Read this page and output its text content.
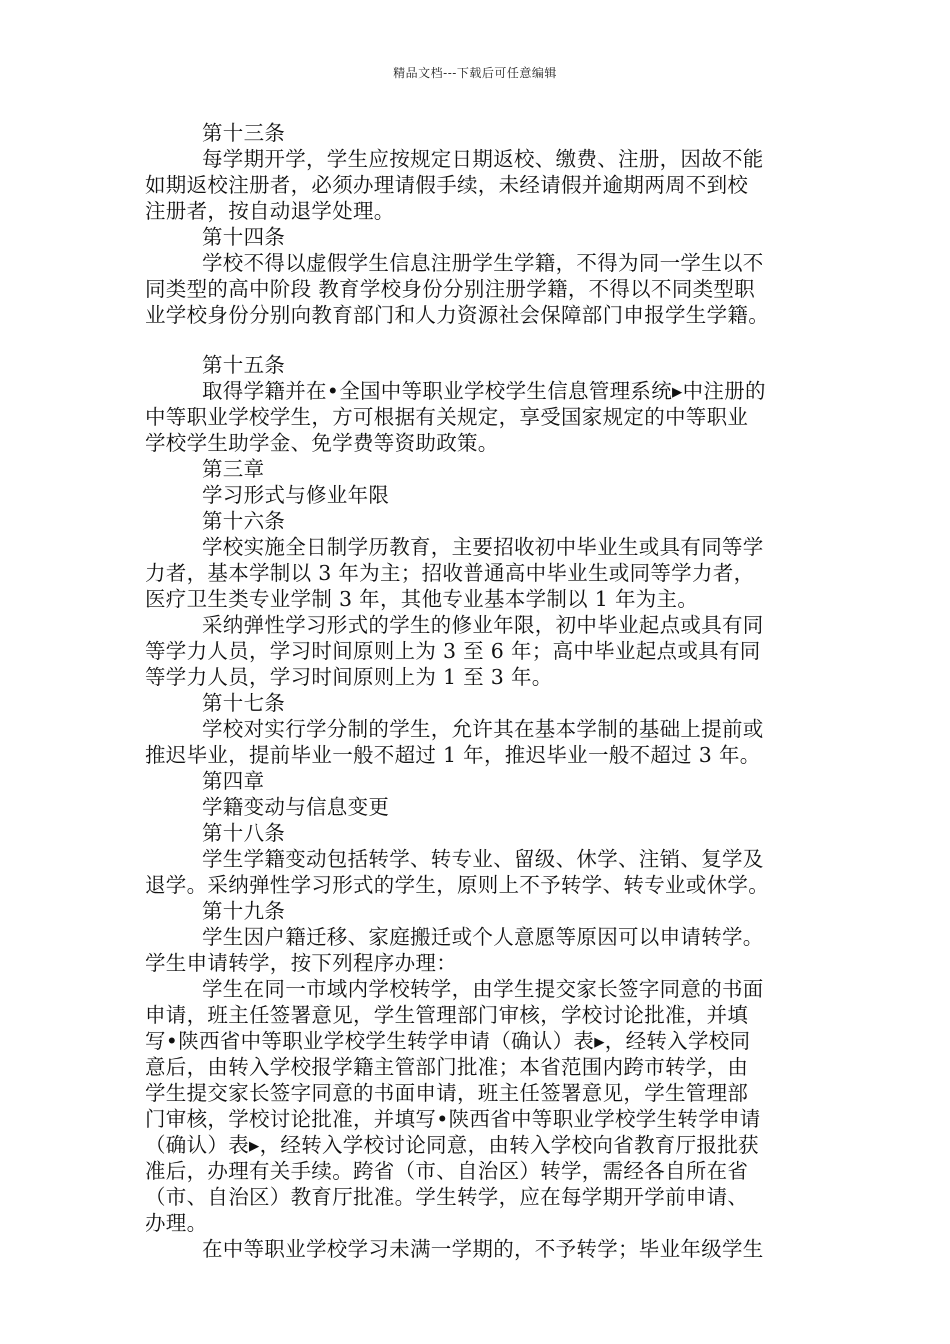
精品文档---下载后可任意编辑
第十三条
每学期开学，学生应按规定日期返校、缴费、注册，因故不能
如期返校注册者，必须办理请假手续，未经请假并逾期两周不到校
注册者，按自动退学处理。
第十四条
学校不得以虚假学生信息注册学生学籍，不得为同一学生以不
同类型的高中阶段 教育学校身份分别注册学籍，不得以不同类型职
业学校身份分别向教育部门和人力资源社会保障部门申报学生学籍。
第十五条
取得学籍并在•全国中等职业学校学生信息管理系统▸中注册的
中等职业学校学生，方可根据有关规定，享受国家规定的中等职业
学校学生助学金、免学费等资助政策。
第三章
学习形式与修业年限
第十六条
学校实施全日制学历教育，主要招收初中毕业生或具有同等学
力者，基本学制以 3 年为主；招收普通高中毕业生或同等学力者，
医疗卫生类专业学制 3 年，其他专业基本学制以 1 年为主。
采纳弹性学习形式的学生的修业年限，初中毕业起点或具有同
等学力人员，学习时间原则上为 3 至 6 年；高中毕业起点或具有同
等学力人员，学习时间原则上为 1 至 3 年。
第十七条
学校对实行学分制的学生，允许其在基本学制的基础上提前或
推迟毕业，提前毕业一般不超过 1 年，推迟毕业一般不超过 3 年。
第四章
学籍变动与信息变更
第十八条
学生学籍变动包括转学、转专业、留级、休学、注销、复学及
退学。采纳弹性学习形式的学生，原则上不予转学、转专业或休学。
第十九条
学生因户籍迁移、家庭搬迁或个人意愿等原因可以申请转学。
学生申请转学，按下列程序办理：
学生在同一市域内学校转学，由学生提交家长签字同意的书面
申请，班主任签署意见，学生管理部门审核，学校讨论批准，并填
写•陕西省中等职业学校学生转学申请（确认）表▸，经转入学校同
意后，由转入学校报学籍主管部门批准；本省范围内跨市转学，由
学生提交家长签字同意的书面申请，班主任签署意见，学生管理部
门审核，学校讨论批准，并填写•陕西省中等职业学校学生转学申请
（确认）表▸，经转入学校讨论同意，由转入学校向省教育厅报批获
准后，办理有关手续。跨省（市、自治区）转学，需经各自所在省
（市、自治区）教育厅批准。学生转学，应在每学期开学前申请、
办理。
在中等职业学校学习未满一学期的，不予转学；毕业年级学生
